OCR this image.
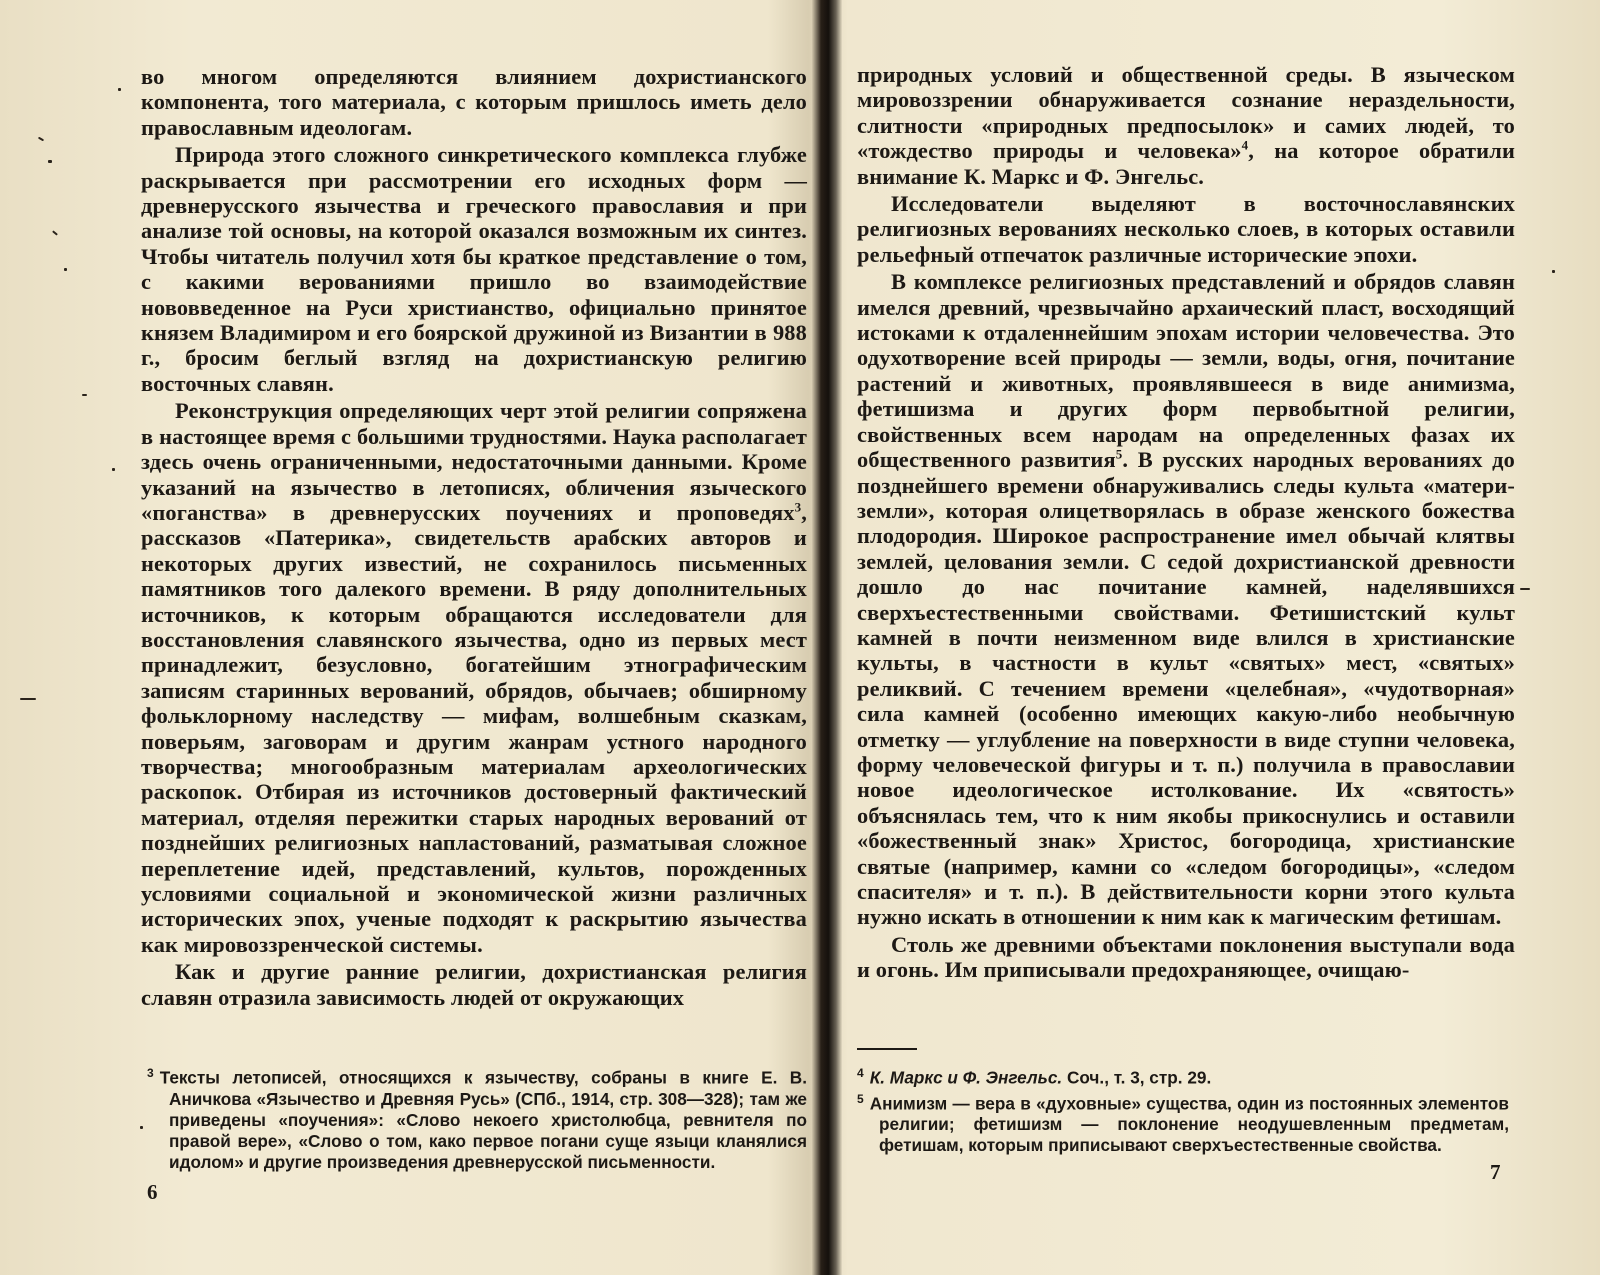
во многом определяются влиянием дохристианского компонента, того материала, с которым пришлось иметь дело православным идеологам.

Природа этого сложного синкретического комплекса глубже раскрывается при рассмотрении его исходных форм — древнерусского язычества и греческого православия и при анализе той основы, на которой оказался возможным их синтез. Чтобы читатель получил хотя бы краткое представление о том, с какими верованиями пришло во взаимодействие нововведенное на Руси христианство, официально принятое князем Владимиром и его боярской дружиной из Византии в 988 г., бросим беглый взгляд на дохристианскую религию восточных славян.

Реконструкция определяющих черт этой религии сопряжена в настоящее время с большими трудностями. Наука располагает здесь очень ограниченными, недостаточными данными. Кроме указаний на язычество в летописях, обличения языческого «поганства» в древнерусских поучениях и проповедях$^3$, рассказов «Патерика», свидетельств арабских авторов и некоторых других известий, не сохранилось письменных памятников того далекого времени. В ряду дополнительных источников, к которым обращаются исследователи для восстановления славянского язычества, одно из первых мест принадлежит, безусловно, богатейшим этнографическим записям старинных верований, обрядов, обычаев; обширному фольклорному наследству — мифам, волшебным сказкам, поверьям, заговорам и другим жанрам устного народного творчества; многообразным материалам археологических раскопок. Отбирая из источников достоверный фактический материал, отделяя пережитки старых народных верований от позднейших религиозных напластований, разматывая сложное переплетение идей, представлений, культов, порожденных условиями социальной и экономической жизни различных исторических эпох, ученые подходят к раскрытию язычества как мировоззренческой системы.

Как и другие ранние религии, дохристианская религия славян отразила зависимость людей от окружающих

$^3$ Тексты летописей, относящихся к язычеству, собраны в книге Е. В. Аничкова «Язычество и Древняя Русь» (СПб., 1914, стр. 308—328); там же приведены «поучения»: «Слово некоего христолюбца, ревнителя по правой вере», «Слово о том, како первое погани суще языци кланялися идолом» и другие произведения древнерусской письменности.

6

природных условий и общественной среды. В языческом мировоззрении обнаруживается сознание нераздельности, слитности «природных предпосылок» и самих людей, то «тождество природы и человека»$^4$, на которое обратили внимание К. Маркс и Ф. Энгельс.

Исследователи выделяют в восточнославянских религиозных верованиях несколько слоев, в которых оставили рельефный отпечаток различные исторические эпохи.

В комплексе религиозных представлений и обрядов славян имелся древний, чрезвычайно архаический пласт, восходящий истоками к отдаленнейшим эпохам истории человечества. Это одухотворение всей природы — земли, воды, огня, почитание растений и животных, проявлявшееся в виде анимизма, фетишизма и других форм первобытной религии, свойственных всем народам на определенных фазах их общественного развития$^5$. В русских народных верованиях до позднейшего времени обнаруживались следы культа «матери-земли», которая олицетворялась в образе женского божества плодородия. Широкое распространение имел обычай клятвы землей, целования земли. С седой дохристианской древности дошло до нас почитание камней, наделявшихся сверхъестественными свойствами. Фетишистский культ камней в почти неизменном виде влился в христианские культы, в частности в культ «святых» мест, «святых» реликвий. С течением времени «целебная», «чудотворная» сила камней (особенно имеющих какую-либо необычную отметку — углубление на поверхности в виде ступни человека, форму человеческой фигуры и т. п.) получила в православии новое идеологическое истолкование. Их «святость» объяснялась тем, что к ним якобы прикоснулись и оставили «божественный знак» Христос, богородица, христианские святые (например, камни со «следом богородицы», «следом спасителя» и т. п.). В действительности корни этого культа нужно искать в отношении к ним как к магическим фетишам.

Столь же древними объектами поклонения выступали вода и огонь. Им приписывали предохраняющее, очищаю-

$^4$ К. Маркс и Ф. Энгельс. Соч., т. 3, стр. 29.

$^5$ Анимизм — вера в «духовные» существа, один из постоянных элементов религии; фетишизм — поклонение неодушевленным предметам, фетишам, которым приписывают сверхъестественные свойства.

7
